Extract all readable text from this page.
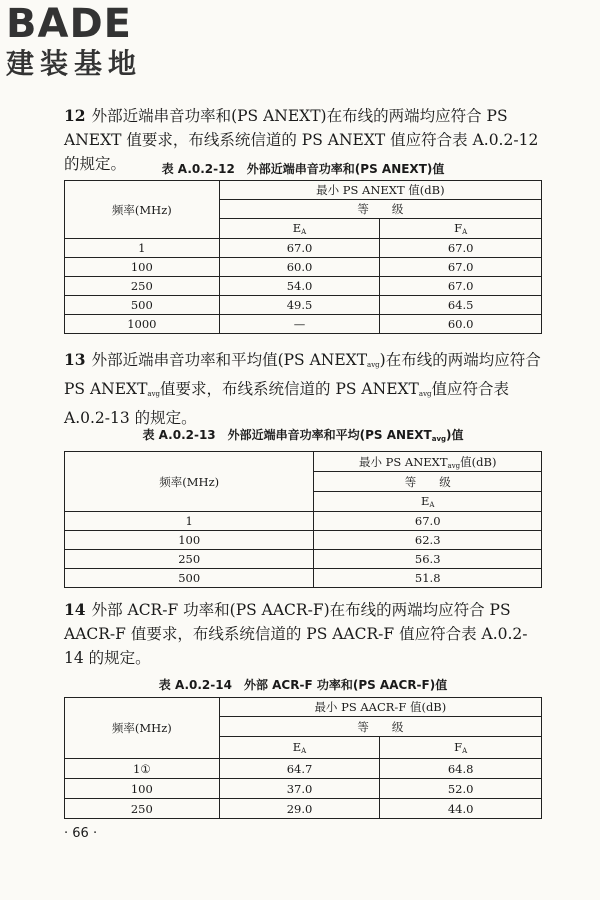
BADE
建装基地

12 外部近端串音功率和(PS ANEXT)在布线的两端均应符合 PS ANEXT 值要求，布线系统信道的 PS ANEXT 值应符合表 A.0.2-12 的规定。	表 A.0.2-12　外部近端串音功率和(PS ANEXT)值
频率(MHz)	最小 PS ANEXT 值(dB)	
	等　　级	
	$E_A$	$F_A$
1	67.0	67.0
100	60.0	67.0
250	54.0	67.0
500	49.5	64.5
1000	—	60.0

13 外部近端串音功率和平均值(PS $ANEXT_{avg}$)在布线的两端均应符合 PS $ANEXT_{avg}$值要求，布线系统信道的 PS $ANEXT_{avg}$值应符合表 A.0.2-13 的规定。

表 A.0.2-13　外部近端串音功率和平均(PS $ANEXT_{avg}$)值
频率(MHz)	最小 PS $ANEXT_{avg}$值(dB)
	等　　级
	$E_A$
1	67.0
100	62.3
250	56.3
500	51.8

14 外部 ACR-F 功率和(PS AACR-F)在布线的两端均应符合 PS AACR-F 值要求，布线系统信道的 PS AACR-F 值应符合表 A.0.2-14 的规定。

表 A.0.2-14　外部 ACR-F 功率和(PS AACR-F)值
频率(MHz)	最小 PS AACR-F 值(dB)	
	等　　级	
	$E_A$	$F_A$
1①	64.7	64.8
100	37.0	52.0
250	29.0	44.0
· 66 ·
